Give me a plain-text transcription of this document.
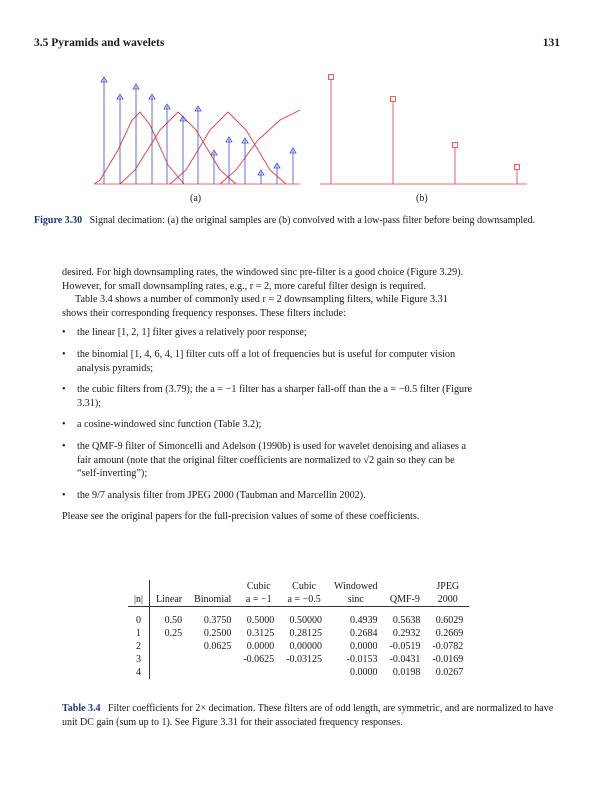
3.5 Pyramids and wavelets	131
(a)	(b)
Figure 3.30 Signal decimation: (a) the original samples are (b) convolved with a low-pass filter before being downsampled.

desired. For high downsampling rates, the windowed sinc pre-filter is a good choice (Figure 3.29). However, for small downsampling rates, e.g., r = 2, more careful filter design is required.

Table 3.4 shows a number of commonly used r = 2 downsampling filters, while Figure 3.31 shows their corresponding frequency responses. These filters include:

• the linear [1, 2, 1] filter gives a relatively poor response;
• the binomial [1, 4, 6, 4, 1] filter cuts off a lot of frequencies but is useful for computer vision analysis pyramids;
• the cubic filters from (3.79); the a = −1 filter has a sharper fall-off than the a = −0.5 filter (Figure 3.31);
• a cosine-windowed sinc function (Table 3.2);
• the QMF-9 filter of Simoncelli and Adelson (1990b) is used for wavelet denoising and aliases a fair amount (note that the original filter coefficients are normalized to √2 gain so they can be “self-inverting”);
• the 9/7 analysis filter from JPEG 2000 (Taubman and Marcellin 2002).

Please see the original papers for the full-precision values of some of these coefficients.

			Cubic	Cubic	Windowed		JPEG
|n|	Linear	Binomial	a = −1	a = −0.5	sinc	QMF-9	2000

0	0.50	0.3750	0.5000	0.50000	0.4939	0.5638	0.6029
1	0.25	0.2500	0.3125	0.28125	0.2684	0.2932	0.2669
2		0.0625	0.0000	0.00000	0.0000	-0.0519	-0.0782
3			-0.0625	-0.03125	-0.0153	-0.0431	-0.0169
4					0.0000	0.0198	0.0267
Table 3.4 Filter coefficients for 2× decimation. These filters are of odd length, are symmetric, and are normalized to have unit DC gain (sum up to 1). See Figure 3.31 for their associated frequency responses.
